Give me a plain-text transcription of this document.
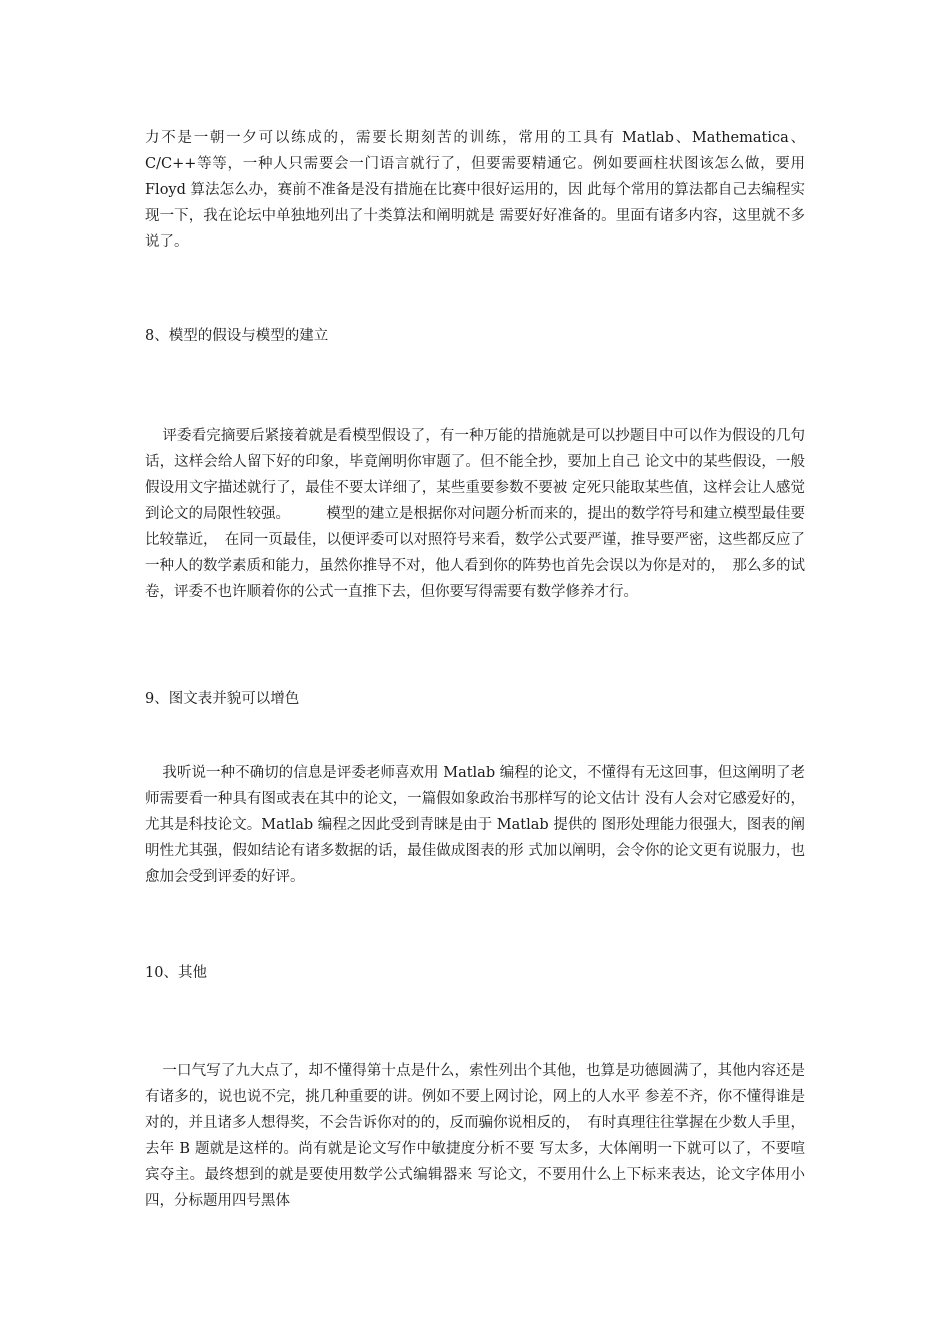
力不是一朝一夕可以练成的，需要长期刻苦的训练，常用的工具有 Matlab、Mathematica、C/C++等等，一种人只需要会一门语言就行了，但要需要精通它。例如要画柱状图该怎么做，要用 Floyd 算法怎么办，赛前不准备是没有措施在比赛中很好运用的，因 此每个常用的算法都自己去编程实现一下，我在论坛中单独地列出了十类算法和阐明就是 需要好好准备的。里面有诸多内容，这里就不多说了。

8、模型的假设与模型的建立

评委看完摘要后紧接着就是看模型假设了，有一种万能的措施就是可以抄题目中可以作为假设的几句话，这样会给人留下好的印象，毕竟阐明你审题了。但不能全抄，要加上自己 论文中的某些假设，一般假设用文字描述就行了，最佳不要太详细了，某些重要参数不要被 定死只能取某些值，这样会让人感觉到论文的局限性较强。　　　模型的建立是根据你对问题分析而来的，提出的数学符号和建立模型最佳要比较靠近，　在同一页最佳，以便评委可以对照符号来看，数学公式要严谨，推导要严密，这些都反应了 一种人的数学素质和能力，虽然你推导不对，他人看到你的阵势也首先会误以为你是对的，　那么多的试卷，评委不也许顺着你的公式一直推下去，但你要写得需要有数学修养才行。

9、图文表并貌可以增色

我听说一种不确切的信息是评委老师喜欢用 Matlab 编程的论文，不懂得有无这回事，但这阐明了老师需要看一种具有图或表在其中的论文，一篇假如象政治书那样写的论文估计 没有人会对它感爱好的，尤其是科技论文。Matlab 编程之因此受到青睐是由于 Matlab 提供的 图形处理能力很强大，图表的阐明性尤其强，假如结论有诸多数据的话，最佳做成图表的形 式加以阐明，会令你的论文更有说服力，也愈加会受到评委的好评。

10、其他

一口气写了九大点了，却不懂得第十点是什么，索性列出个其他，也算是功德圆满了，其他内容还是有诸多的，说也说不完，挑几种重要的讲。例如不要上网讨论，网上的人水平 参差不齐，你不懂得谁是对的，并且诸多人想得奖，不会告诉你对的的，反而骗你说相反的，　有时真理往往掌握在少数人手里，去年 B 题就是这样的。尚有就是论文写作中敏捷度分析不要 写太多，大体阐明一下就可以了，不要喧宾夺主。最终想到的就是要使用数学公式编辑器来 写论文，不要用什么上下标来表达，论文字体用小四，分标题用四号黑体
